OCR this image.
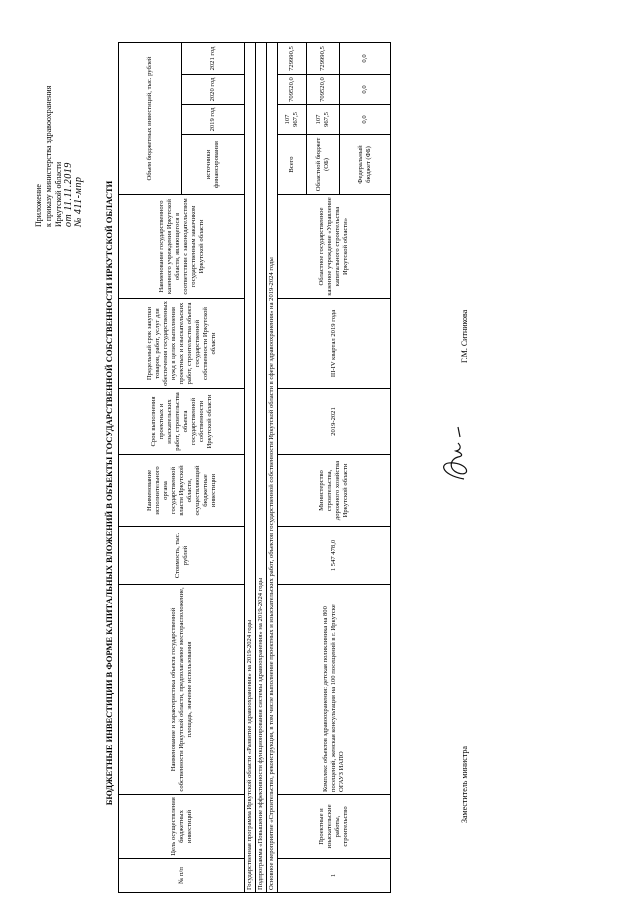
Приложение к приказу министерства здравоохранения Иркутской области от 11.11.2019 № 411-мпр БЮДЖЕТНЫЕ ИНВЕСТИЦИИ В ФОРМЕ КАПИТАЛЬНЫХ ВЛОЖЕНИЙ В ОБЪЕКТЫ ГОСУДАРСТВЕННОЙ СОБСТВЕННОСТИ ИРКУТСКОЙ ОБЛАСТИ
№ п/п	Цель осуществления бюджетных инвестиций	Наименование и характеристика объекта государственной собственности Иркутской области, предполагаемое месторасположение, площадь, значение использования	Стоимость, тыс. рублей	Наименование исполнительного органа государственной власти Иркутской области, осуществляющий бюджетные инвестиции	Срок выполнения проектных и изыскательских работ, строительства объекта государственной собственности Иркутской области	Предельный срок закупки товаров, работ, услуг для обеспечения государственных нужд в целях выполнения проектных и изыскательских работ, строительства объекта государственной собственности Иркутской области	Наименование государственного казенного учреждения Иркутской области, являющегося в соответствии с законодательством государственным заказчиком Иркутской области	Объем бюджетных инвестиций, тыс. рублей			
								источники финансирования	2019 год	2020 год	2021 год
Государственная программа Иркутской области «Развитие здравоохранения» на 2019-2024 годы											
Подпрограмма «Повышение эффективности функционирования системы здравоохранения» на 2019-2024 годы											
Основное мероприятие «Строительство, реконструкция, в том числе выполнение проектных и изыскательских работ, объектов государственной собственности Иркутской области в сфере здравоохранения» на 2019-2024 годы											
1	Проектные и изыскательские работы, строительство	Комплекс объектов здравоохранения: детская поликлиника на 800 посещений, женская консультация на 100 посещений в г. Иркутске ОГАУЗ ИАПО	1 547 478,0	Министерство строительства, дорожного хозяйства Иркутской области	2019-2021	III-IV квартал 2019 года	Областное государственное казенное учреждение «Управление капитального строительства Иркутской области»	Всего	107 967,5	709520,0	729990,5
								Областной бюджет (ОБ)	107 967,5	709520,0	729990,5
								Федеральный бюджет (ФБ)	0,0	0,0	0,0
Заместитель министра
Г.М. Ситникова
